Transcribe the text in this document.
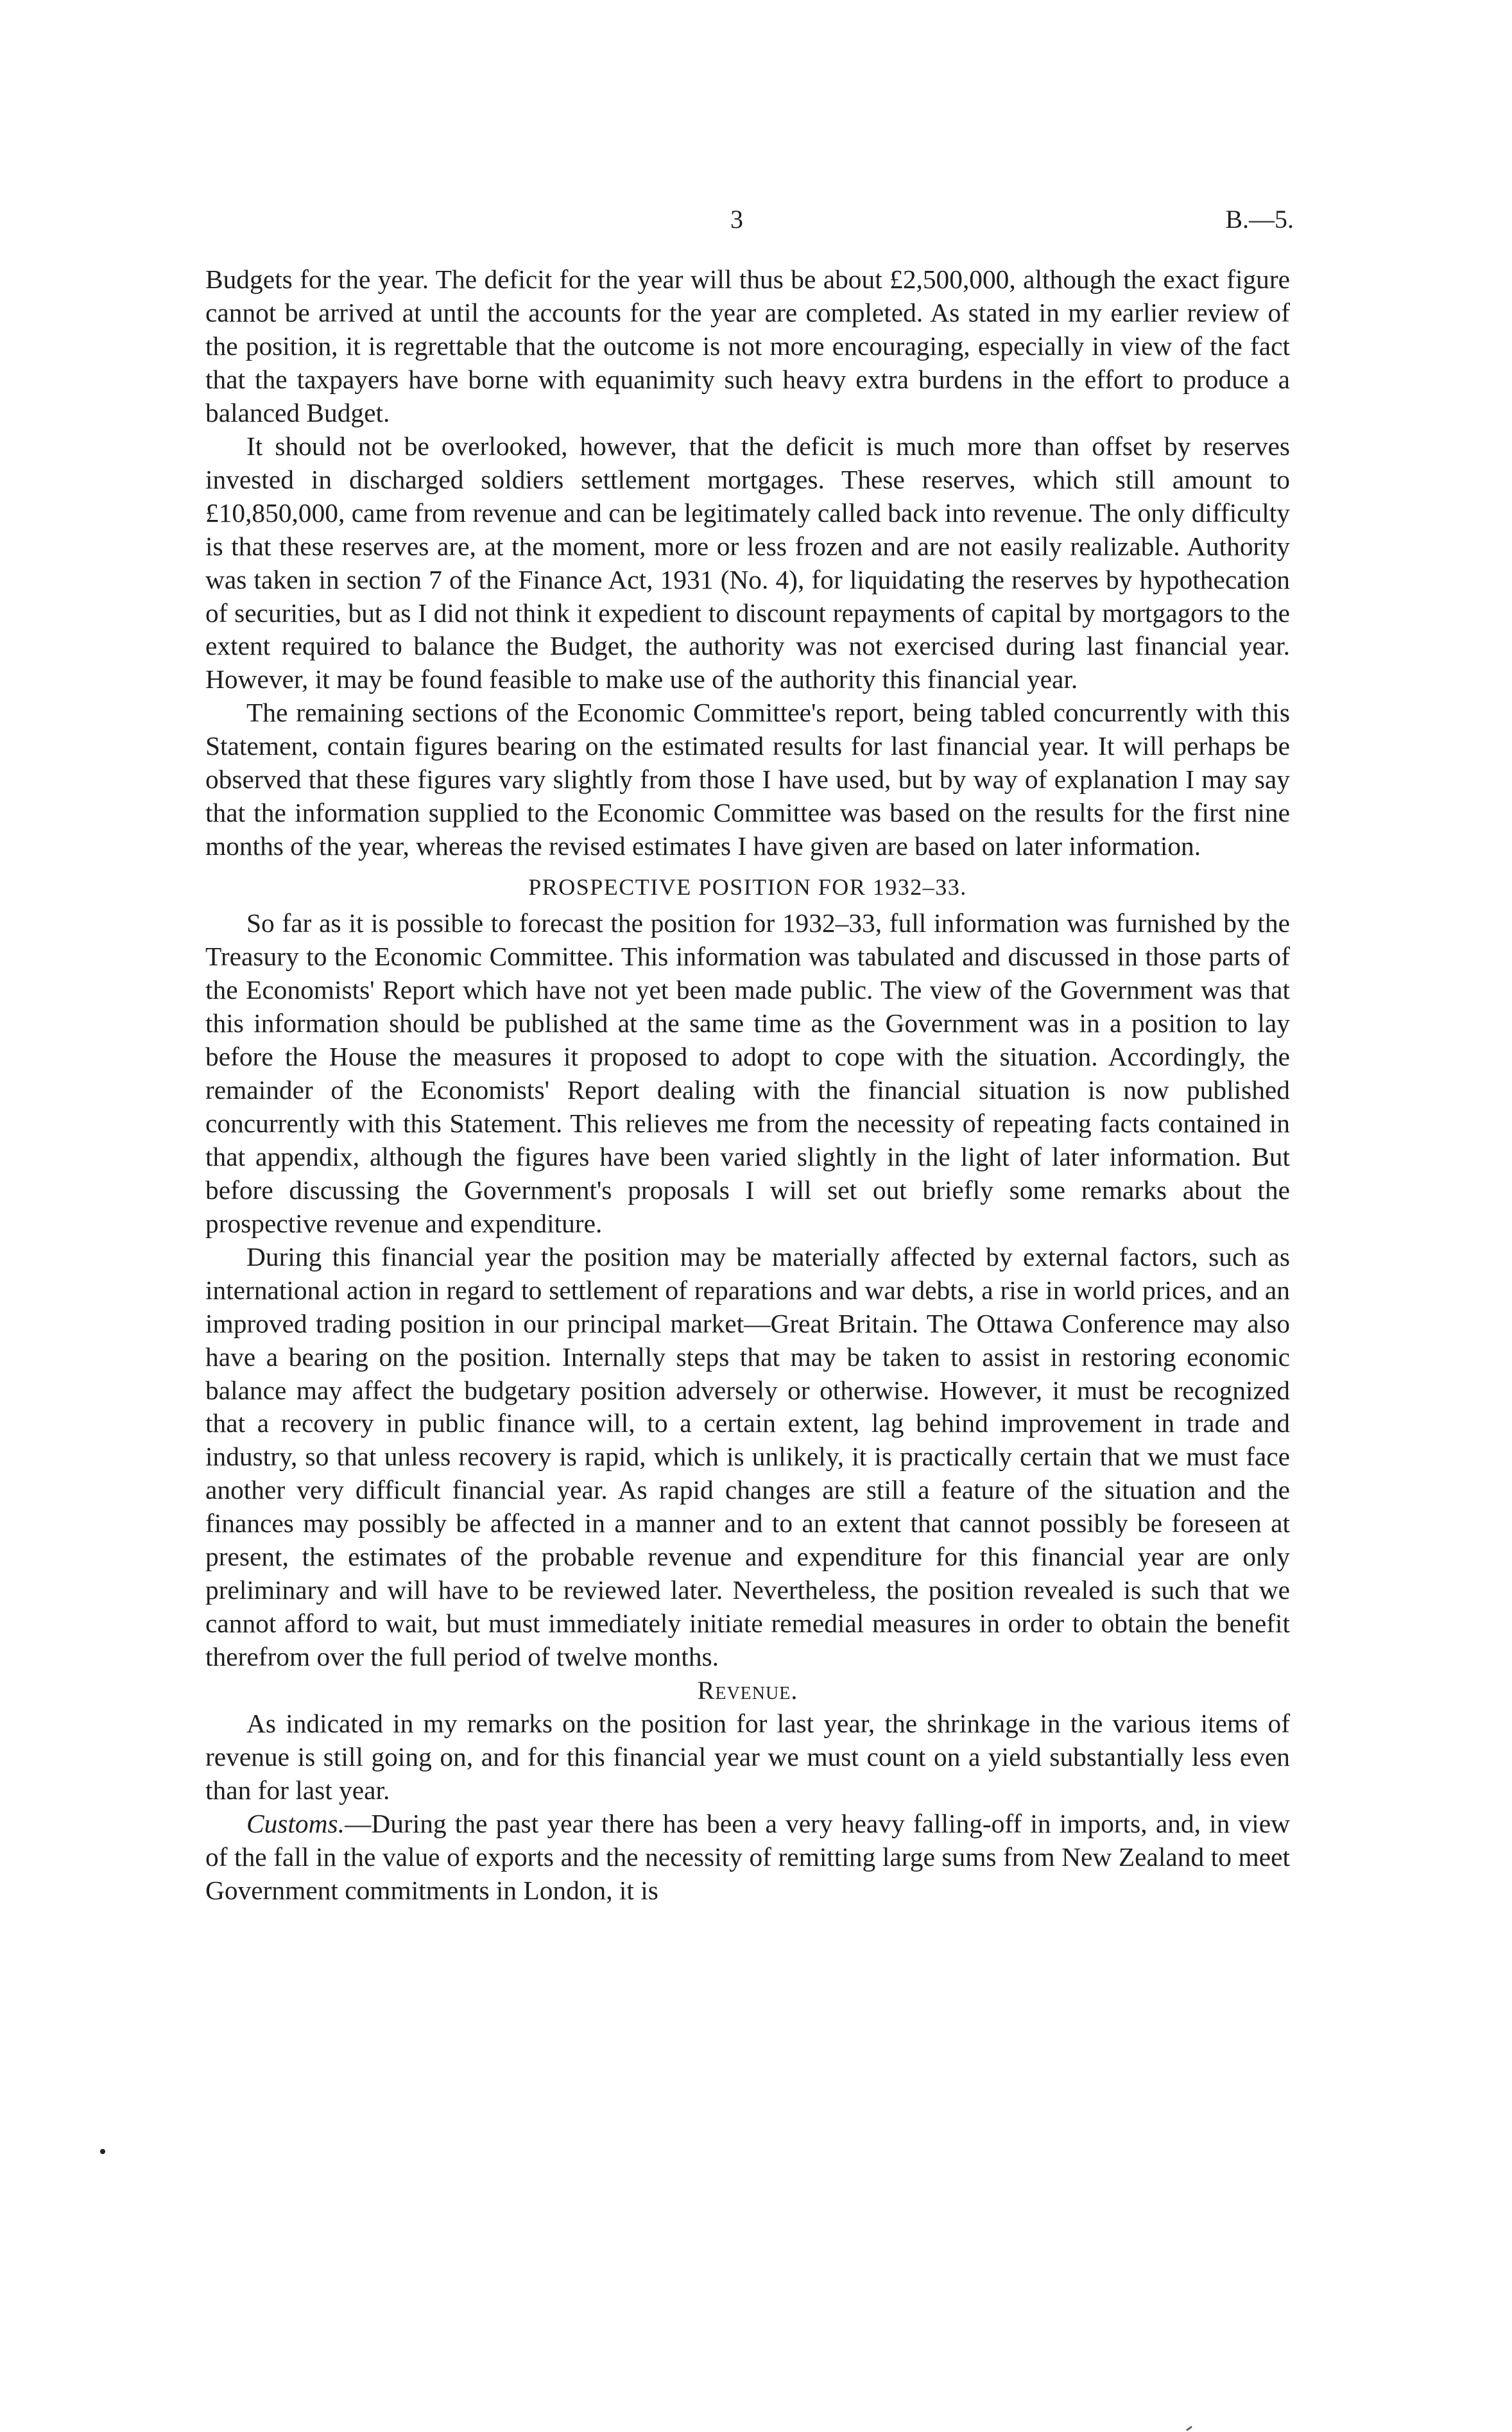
3	B.—5.

Budgets for the year. The deficit for the year will thus be about £2,500,000, although the exact figure cannot be arrived at until the accounts for the year are completed. As stated in my earlier review of the position, it is regrettable that the outcome is not more encouraging, especially in view of the fact that the taxpayers have borne with equanimity such heavy extra burdens in the effort to produce a balanced Budget.

It should not be overlooked, however, that the deficit is much more than offset by reserves invested in discharged soldiers settlement mortgages. These reserves, which still amount to £10,850,000, came from revenue and can be legitimately called back into revenue. The only difficulty is that these reserves are, at the moment, more or less frozen and are not easily realizable. Authority was taken in section 7 of the Finance Act, 1931 (No. 4), for liquidating the reserves by hypothecation of securities, but as I did not think it expedient to discount repayments of capital by mortgagors to the extent required to balance the Budget, the authority was not exercised during last financial year. However, it may be found feasible to make use of the authority this financial year.

The remaining sections of the Economic Committee's report, being tabled concurrently with this Statement, contain figures bearing on the estimated results for last financial year. It will perhaps be observed that these figures vary slightly from those I have used, but by way of explanation I may say that the information supplied to the Economic Committee was based on the results for the first nine months of the year, whereas the revised estimates I have given are based on later information.

PROSPECTIVE POSITION FOR 1932–33.

So far as it is possible to forecast the position for 1932–33, full information was furnished by the Treasury to the Economic Committee. This information was tabulated and discussed in those parts of the Economists' Report which have not yet been made public. The view of the Government was that this information should be published at the same time as the Government was in a position to lay before the House the measures it proposed to adopt to cope with the situation. Accordingly, the remainder of the Economists' Report dealing with the financial situation is now published concurrently with this Statement. This relieves me from the necessity of repeating facts contained in that appendix, although the figures have been varied slightly in the light of later information. But before discussing the Government's proposals I will set out briefly some remarks about the prospective revenue and expenditure.

During this financial year the position may be materially affected by external factors, such as international action in regard to settlement of reparations and war debts, a rise in world prices, and an improved trading position in our principal market—Great Britain. The Ottawa Conference may also have a bearing on the position. Internally steps that may be taken to assist in restoring economic balance may affect the budgetary position adversely or otherwise. However, it must be recognized that a recovery in public finance will, to a certain extent, lag behind improvement in trade and industry, so that unless recovery is rapid, which is unlikely, it is practically certain that we must face another very difficult financial year. As rapid changes are still a feature of the situation and the finances may possibly be affected in a manner and to an extent that cannot possibly be foreseen at present, the estimates of the probable revenue and expenditure for this financial year are only preliminary and will have to be reviewed later. Nevertheless, the position revealed is such that we cannot afford to wait, but must immediately initiate remedial measures in order to obtain the benefit therefrom over the full period of twelve months.

Revenue.

As indicated in my remarks on the position for last year, the shrinkage in the various items of revenue is still going on, and for this financial year we must count on a yield substantially less even than for last year.

Customs.—During the past year there has been a very heavy falling-off in imports, and, in view of the fall in the value of exports and the necessity of remitting large sums from New Zealand to meet Government commitments in London, it is
